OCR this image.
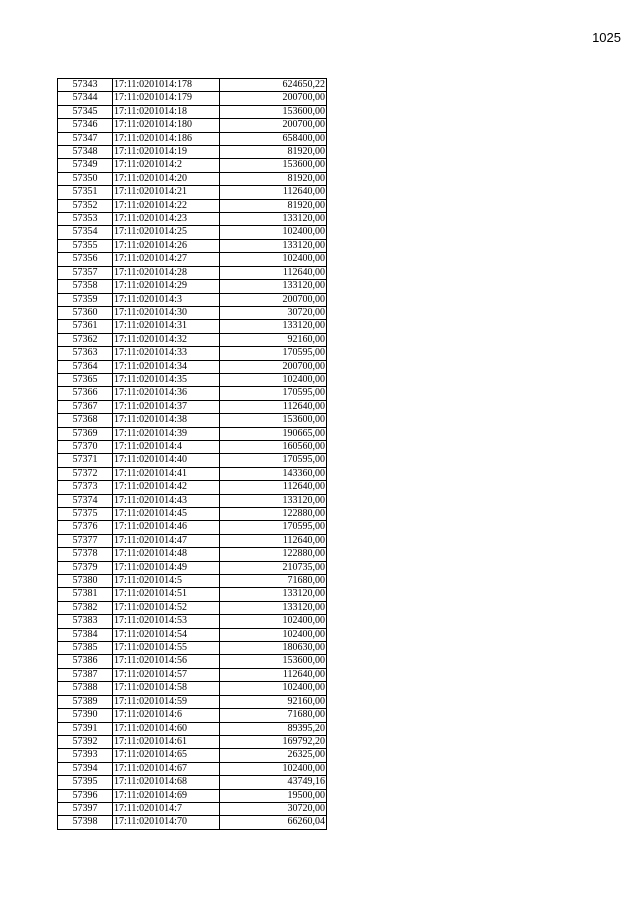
1025
57343	17:11:0201014:178	624650,22
57344	17:11:0201014:179	200700,00
57345	17:11:0201014:18	153600,00
57346	17:11:0201014:180	200700,00
57347	17:11:0201014:186	658400,00
57348	17:11:0201014:19	81920,00
57349	17:11:0201014:2	153600,00
57350	17:11:0201014:20	81920,00
57351	17:11:0201014:21	112640,00
57352	17:11:0201014:22	81920,00
57353	17:11:0201014:23	133120,00
57354	17:11:0201014:25	102400,00
57355	17:11:0201014:26	133120,00
57356	17:11:0201014:27	102400,00
57357	17:11:0201014:28	112640,00
57358	17:11:0201014:29	133120,00
57359	17:11:0201014:3	200700,00
57360	17:11:0201014:30	30720,00
57361	17:11:0201014:31	133120,00
57362	17:11:0201014:32	92160,00
57363	17:11:0201014:33	170595,00
57364	17:11:0201014:34	200700,00
57365	17:11:0201014:35	102400,00
57366	17:11:0201014:36	170595,00
57367	17:11:0201014:37	112640,00
57368	17:11:0201014:38	153600,00
57369	17:11:0201014:39	190665,00
57370	17:11:0201014:4	160560,00
57371	17:11:0201014:40	170595,00
57372	17:11:0201014:41	143360,00
57373	17:11:0201014:42	112640,00
57374	17:11:0201014:43	133120,00
57375	17:11:0201014:45	122880,00
57376	17:11:0201014:46	170595,00
57377	17:11:0201014:47	112640,00
57378	17:11:0201014:48	122880,00
57379	17:11:0201014:49	210735,00
57380	17:11:0201014:5	71680,00
57381	17:11:0201014:51	133120,00
57382	17:11:0201014:52	133120,00
57383	17:11:0201014:53	102400,00
57384	17:11:0201014:54	102400,00
57385	17:11:0201014:55	180630,00
57386	17:11:0201014:56	153600,00
57387	17:11:0201014:57	112640,00
57388	17:11:0201014:58	102400,00
57389	17:11:0201014:59	92160,00
57390	17:11:0201014:6	71680,00
57391	17:11:0201014:60	89395,20
57392	17:11:0201014:61	169792,20
57393	17:11:0201014:65	26325,00
57394	17:11:0201014:67	102400,00
57395	17:11:0201014:68	43749,16
57396	17:11:0201014:69	19500,00
57397	17:11:0201014:7	30720,00
57398	17:11:0201014:70	66260,04
